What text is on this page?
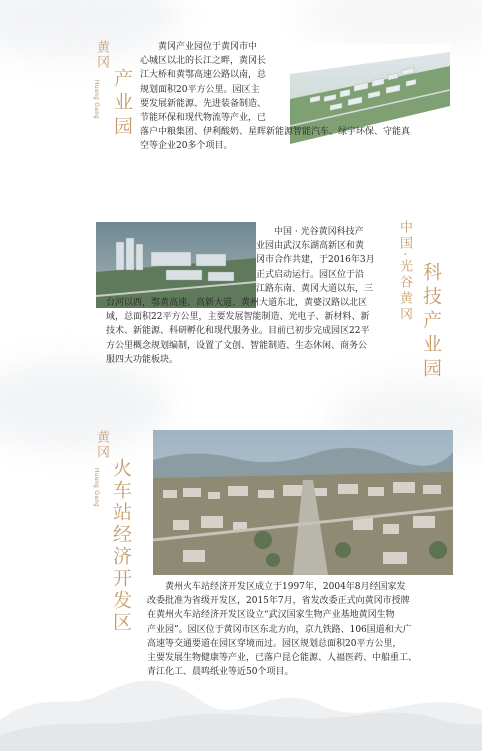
黄冈
Huang Gang 产业园
黄冈产业园位于黄冈市中
心城区以北的长江之畔，黄冈长
江大桥和黄鄂高速公路以南，总
规划面积20平方公里。园区主
要发展新能源、先进装备制造、
节能环保和现代物流等产业，已
落户中粮集团、伊利酸奶、星晖新能源智能汽车、绿宇环保、守能真
空等企业20多个项目。
中国 · 光谷黄冈科技产
业园由武汉东湖高新区和黄
冈市合作共建，于2016年3月
正式启动运行。园区位于沿
江路东南、黄冈大道以东，三
台河以西，鄂黄高速、高新大道、黄州大道东北，黄婆汉路以北区
域，总面积22平方公里，主要发展智能制造、光电子、新材料、新
技术、新能源、科研孵化和现代服务业。目前已初步完成园区22平
方公里概念规划编制，设置了文创、智能制造、生态休闲、商务公
服四大功能板块。
中国·光谷黄冈 科技产业园
黄冈
Huang Gang 火车站经济开发区	黄州火车站经济开发区成立于1997年，2004年8月经国家发
改委批准为省级开发区，2015年7月，省发改委正式向黄冈市授牌
在黄州火车站经济开发区设立“武汉国家生物产业基地黄冈生物
产业园”。园区位于黄冈市区东北方向，京九铁路、106国道和大广
高速等交通要道在园区穿境而过。园区规划总面积20平方公里，
主要发展生物健康等产业，已落户昆仑能源、人福医药、中船重工、
青江化工、晨鸣纸业等近50个项目。
